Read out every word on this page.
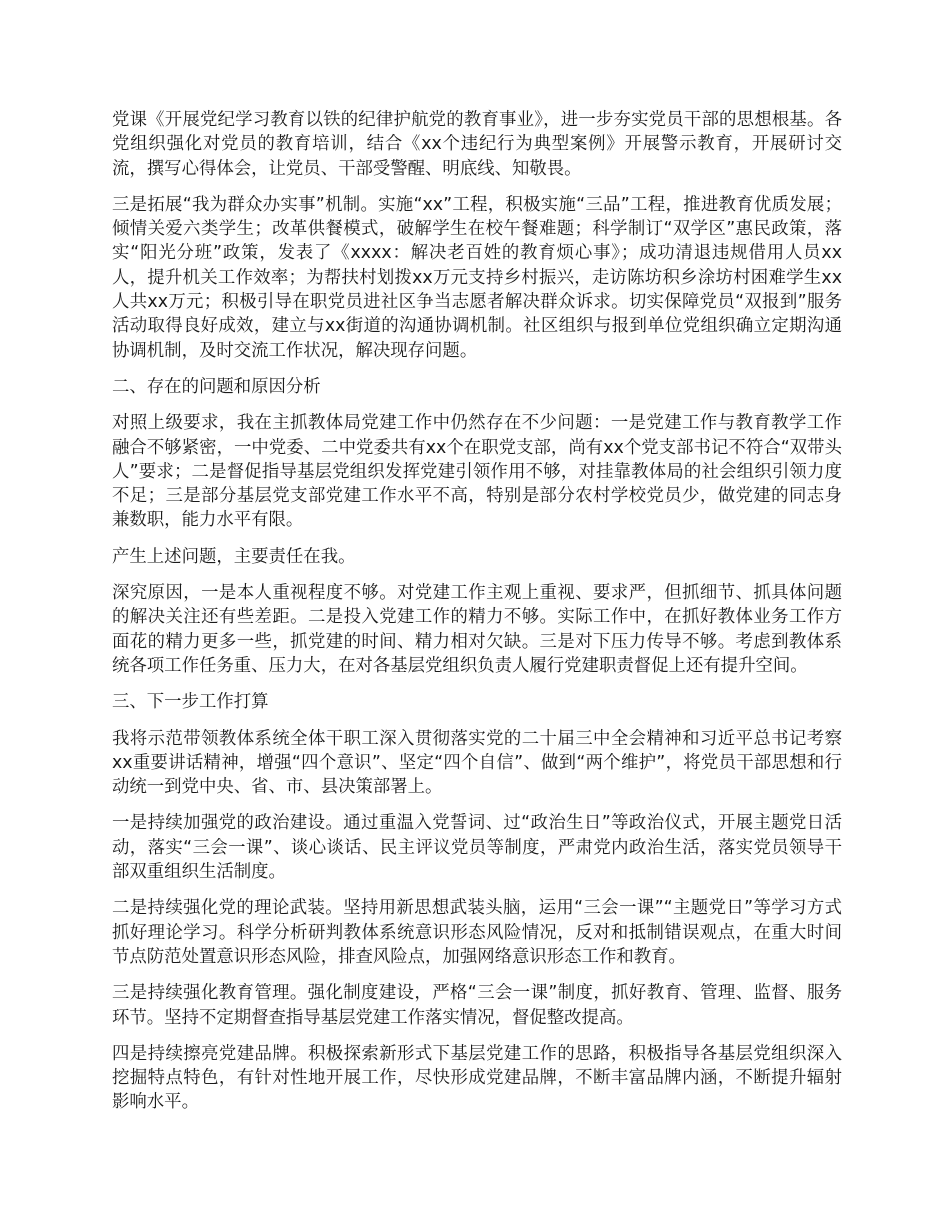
党课《开展党纪学习教育以铁的纪律护航党的教育事业》，进一步夯实党员干部的思想根基。各党组织强化对党员的教育培训，结合《xx个违纪行为典型案例》开展警示教育，开展研讨交流，撰写心得体会，让党员、干部受警醒、明底线、知敬畏。

三是拓展“我为群众办实事”机制。实施“xx”工程，积极实施“三品”工程，推进教育优质发展；倾情关爱六类学生；改革供餐模式，破解学生在校午餐难题；科学制订“双学区”惠民政策，落实“阳光分班”政策，发表了《xxxx：解决老百姓的教育烦心事》；成功清退违规借用人员xx人，提升机关工作效率；为帮扶村划拨xx万元支持乡村振兴，走访陈坊积乡涂坊村困难学生xx人共xx万元；积极引导在职党员进社区争当志愿者解决群众诉求。切实保障党员“双报到”服务活动取得良好成效，建立与xx街道的沟通协调机制。社区组织与报到单位党组织确立定期沟通协调机制，及时交流工作状况，解决现存问题。

二、存在的问题和原因分析

对照上级要求，我在主抓教体局党建工作中仍然存在不少问题：一是党建工作与教育教学工作融合不够紧密，一中党委、二中党委共有xx个在职党支部，尚有xx个党支部书记不符合“双带头人”要求；二是督促指导基层党组织发挥党建引领作用不够，对挂靠教体局的社会组织引领力度不足；三是部分基层党支部党建工作水平不高，特别是部分农村学校党员少，做党建的同志身兼数职，能力水平有限。

产生上述问题，主要责任在我。

深究原因，一是本人重视程度不够。对党建工作主观上重视、要求严，但抓细节、抓具体问题的解决关注还有些差距。二是投入党建工作的精力不够。实际工作中，在抓好教体业务工作方面花的精力更多一些，抓党建的时间、精力相对欠缺。三是对下压力传导不够。考虑到教体系统各项工作任务重、压力大，在对各基层党组织负责人履行党建职责督促上还有提升空间。

三、下一步工作打算

我将示范带领教体系统全体干职工深入贯彻落实党的二十届三中全会精神和习近平总书记考察xx重要讲话精神，增强“四个意识”、坚定“四个自信”、做到“两个维护”，将党员干部思想和行动统一到党中央、省、市、县决策部署上。

一是持续加强党的政治建设。通过重温入党誓词、过“政治生日”等政治仪式，开展主题党日活动，落实“三会一课”、谈心谈话、民主评议党员等制度，严肃党内政治生活，落实党员领导干部双重组织生活制度。

二是持续强化党的理论武装。坚持用新思想武装头脑，运用“三会一课”“主题党日”等学习方式抓好理论学习。科学分析研判教体系统意识形态风险情况，反对和抵制错误观点，在重大时间节点防范处置意识形态风险，排查风险点，加强网络意识形态工作和教育。

三是持续强化教育管理。强化制度建设，严格“三会一课”制度，抓好教育、管理、监督、服务环节。坚持不定期督查指导基层党建工作落实情况，督促整改提高。

四是持续擦亮党建品牌。积极探索新形式下基层党建工作的思路，积极指导各基层党组织深入挖掘特点特色，有针对性地开展工作，尽快形成党建品牌，不断丰富品牌内涵，不断提升辐射影响水平。
